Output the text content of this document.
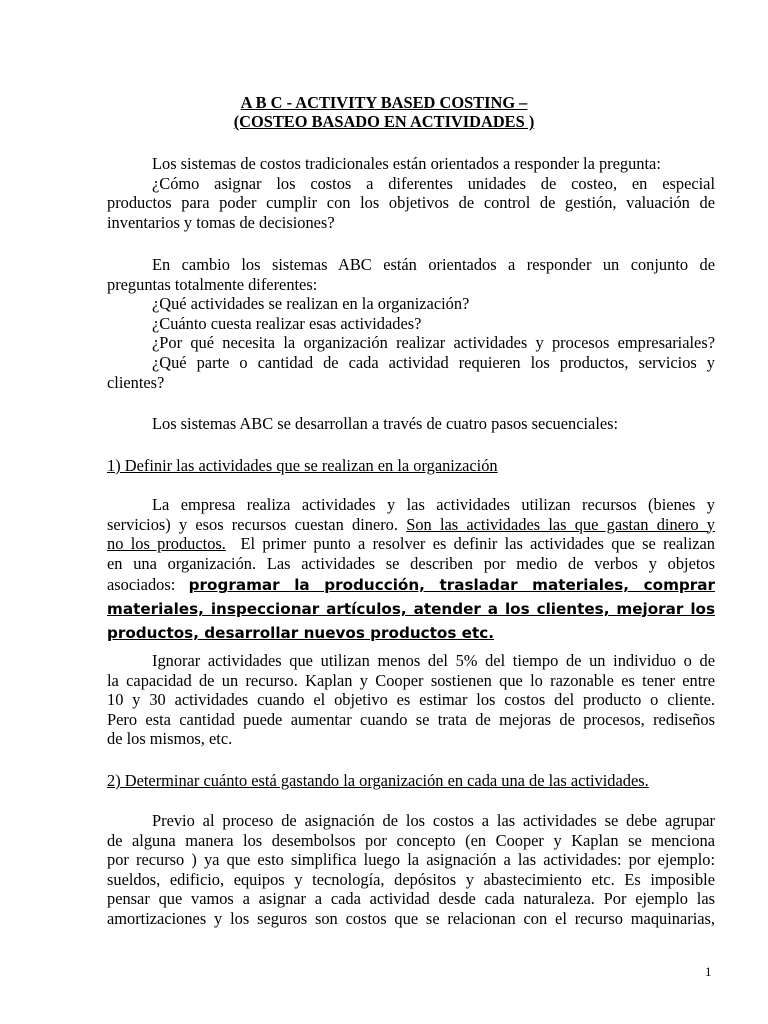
A B C - ACTIVITY BASED COSTING –
(COSTEO BASADO EN ACTIVIDADES )
Los sistemas de costos tradicionales están orientados a responder la pregunta:
¿Cómo asignar los costos a diferentes unidades de costeo, en especial
productos para poder cumplir con los objetivos de control de gestión, valuación de
inventarios y tomas de decisiones?
En cambio los sistemas ABC están orientados a responder un conjunto de
preguntas totalmente diferentes:
¿Qué actividades se realizan en la organización?
¿Cuánto cuesta realizar esas actividades?
¿Por qué necesita la organización realizar actividades y procesos empresariales?
¿Qué parte o cantidad de cada actividad requieren los productos, servicios y
clientes?
Los sistemas ABC se desarrollan a través de cuatro pasos secuenciales:
1) Definir las actividades que se realizan en la organización
La empresa realiza actividades y las actividades utilizan recursos (bienes y
servicios) y esos recursos cuestan dinero. Son las actividades las que gastan dinero y
no los productos. El primer punto a resolver es definir las actividades que se realizan
en una organización. Las actividades se describen por medio de verbos y objetos
asociados: programar la producción, trasladar materiales, comprar
materiales, inspeccionar artículos, atender a los clientes, mejorar los
productos, desarrollar nuevos productos etc.
Ignorar actividades que utilizan menos del 5% del tiempo de un individuo o de
la capacidad de un recurso. Kaplan y Cooper sostienen que lo razonable es tener entre
10 y 30 actividades cuando el objetivo es estimar los costos del producto o cliente.
Pero esta cantidad puede aumentar cuando se trata de mejoras de procesos, rediseños
de los mismos, etc.
2) Determinar cuánto está gastando la organización en cada una de las actividades.
Previo al proceso de asignación de los costos a las actividades se debe agrupar
de alguna manera los desembolsos por concepto (en Cooper y Kaplan se menciona
por recurso ) ya que esto simplifica luego la asignación a las actividades: por ejemplo:
sueldos, edificio, equipos y tecnología, depósitos y abastecimiento etc. Es imposible
pensar que vamos a asignar a cada actividad desde cada naturaleza. Por ejemplo las
amortizaciones y los seguros son costos que se relacionan con el recurso maquinarias,
1
